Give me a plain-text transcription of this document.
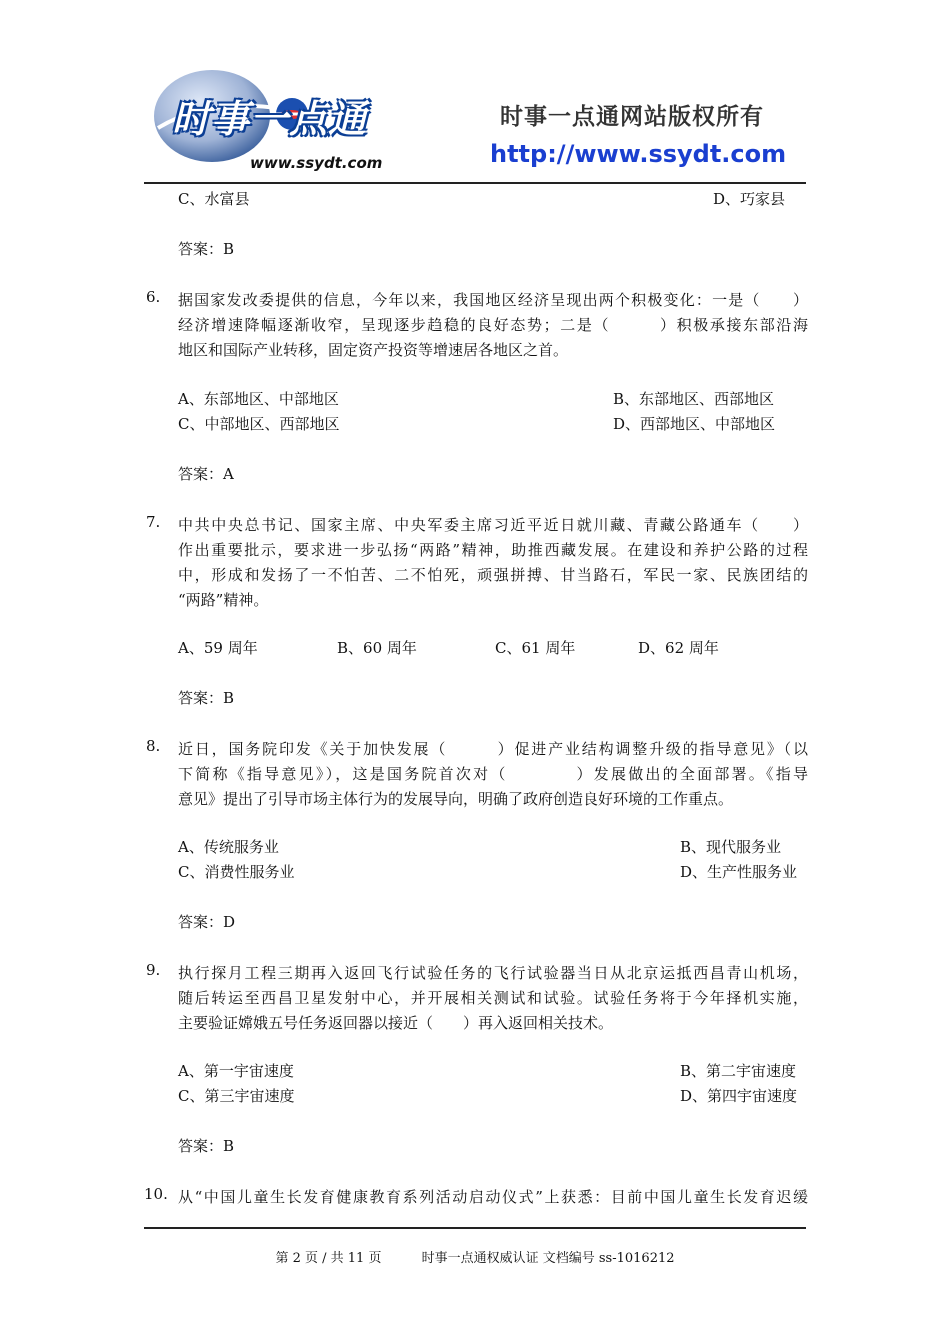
时事一点通
www.ssydt.com
时事一点通网站版权所有
http://www.ssydt.com
C、水富县	D、巧家县
答案：B
6. 据国家发改委提供的信息，今年以来，我国地区经济呈现出两个积极变化：一是（　　）
经济增速降幅逐渐收窄，呈现逐步趋稳的良好态势；二是（　　　）积极承接东部沿海
地区和国际产业转移，固定资产投资等增速居各地区之首。
A、东部地区、中部地区	B、东部地区、西部地区
C、中部地区、西部地区	D、西部地区、中部地区
答案：A
7. 中共中央总书记、国家主席、中央军委主席习近平近日就川藏、青藏公路通车（　　）
作出重要批示，要求进一步弘扬“两路”精神，助推西藏发展。在建设和养护公路的过程
中，形成和发扬了一不怕苦、二不怕死，顽强拼搏、甘当路石，军民一家、民族团结的
“两路”精神。
A、59 周年	B、60 周年	C、61 周年	D、62 周年
答案：B
8. 近日，国务院印发《关于加快发展（　　　）促进产业结构调整升级的指导意见》（以
下简称《指导意见》），这是国务院首次对（　　　　）发展做出的全面部署。《指导
意见》提出了引导市场主体行为的发展导向，明确了政府创造良好环境的工作重点。
A、传统服务业	B、现代服务业
C、消费性服务业	D、生产性服务业
答案：D
9. 执行探月工程三期再入返回飞行试验任务的飞行试验器当日从北京运抵西昌青山机场，
随后转运至西昌卫星发射中心，并开展相关测试和试验。试验任务将于今年择机实施，
主要验证嫦娥五号任务返回器以接近（　　）再入返回相关技术。
A、第一宇宙速度	B、第二宇宙速度
C、第三宇宙速度	D、第四宇宙速度
答案：B
10. 从“中国儿童生长发育健康教育系列活动启动仪式”上获悉：目前中国儿童生长发育迟缓
第 2 页 / 共 11 页	时事一点通权威认证 文档编号 ss-1016212
